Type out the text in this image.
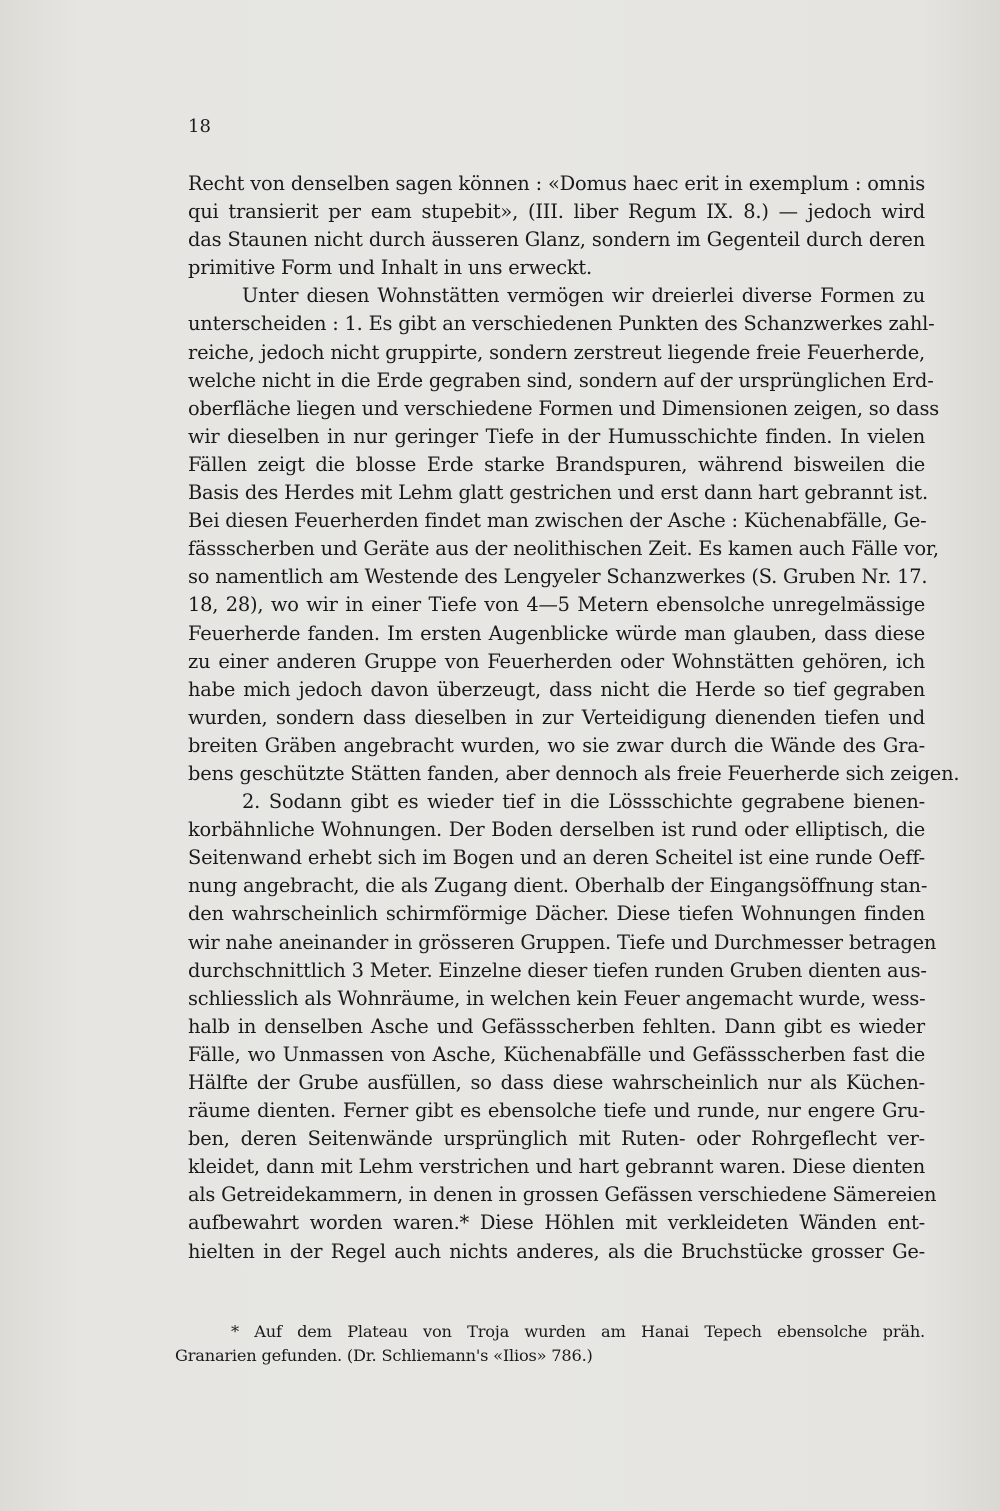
18
Recht von denselben sagen können : «Domus haec erit in exemplum : omnis
qui transierit per eam stupebit», (III. liber Regum IX. 8.) — jedoch wird
das Staunen nicht durch äusseren Glanz, sondern im Gegenteil durch deren
primitive Form und Inhalt in uns erweckt.
Unter diesen Wohnstätten vermögen wir dreierlei diverse Formen zu
unterscheiden : 1. Es gibt an verschiedenen Punkten des Schanzwerkes zahl-
reiche, jedoch nicht gruppirte, sondern zerstreut liegende freie Feuerherde,
welche nicht in die Erde gegraben sind, sondern auf der ursprünglichen Erd-
oberfläche liegen und verschiedene Formen und Dimensionen zeigen, so dass
wir dieselben in nur geringer Tiefe in der Humusschichte finden. In vielen
Fällen zeigt die blosse Erde starke Brandspuren, während bisweilen die
Basis des Herdes mit Lehm glatt gestrichen und erst dann hart gebrannt ist.
Bei diesen Feuerherden findet man zwischen der Asche : Küchenabfälle, Ge-
fässscherben und Geräte aus der neolithischen Zeit. Es kamen auch Fälle vor,
so namentlich am Westende des Lengyeler Schanzwerkes (S. Gruben Nr. 17.
18, 28), wo wir in einer Tiefe von 4—5 Metern ebensolche unregelmässige
Feuerherde fanden. Im ersten Augenblicke würde man glauben, dass diese
zu einer anderen Gruppe von Feuerherden oder Wohnstätten gehören, ich
habe mich jedoch davon überzeugt, dass nicht die Herde so tief gegraben
wurden, sondern dass dieselben in zur Verteidigung dienenden tiefen und
breiten Gräben angebracht wurden, wo sie zwar durch die Wände des Gra-
bens geschützte Stätten fanden, aber dennoch als freie Feuerherde sich zeigen.
2. Sodann gibt es wieder tief in die Lössschichte gegrabene bienen-
korbähnliche Wohnungen. Der Boden derselben ist rund oder elliptisch, die
Seitenwand erhebt sich im Bogen und an deren Scheitel ist eine runde Oeff-
nung angebracht, die als Zugang dient. Oberhalb der Eingangsöffnung stan-
den wahrscheinlich schirmförmige Dächer. Diese tiefen Wohnungen finden
wir nahe aneinander in grösseren Gruppen. Tiefe und Durchmesser betragen
durchschnittlich 3 Meter. Einzelne dieser tiefen runden Gruben dienten aus-
schliesslich als Wohnräume, in welchen kein Feuer angemacht wurde, wess-
halb in denselben Asche und Gefässscherben fehlten. Dann gibt es wieder
Fälle, wo Unmassen von Asche, Küchenabfälle und Gefässscherben fast die
Hälfte der Grube ausfüllen, so dass diese wahrscheinlich nur als Küchen-
räume dienten. Ferner gibt es ebensolche tiefe und runde, nur engere Gru-
ben, deren Seitenwände ursprünglich mit Ruten- oder Rohrgeflecht ver-
kleidet, dann mit Lehm verstrichen und hart gebrannt waren. Diese dienten
als Getreidekammern, in denen in grossen Gefässen verschiedene Sämereien
aufbewahrt worden waren.* Diese Höhlen mit verkleideten Wänden ent-
hielten in der Regel auch nichts anderes, als die Bruchstücke grosser Ge-
* Auf dem Plateau von Troja wurden am Hanai Tepech ebensolche präh.
Granarien gefunden. (Dr. Schliemann's «Ilios» 786.)
